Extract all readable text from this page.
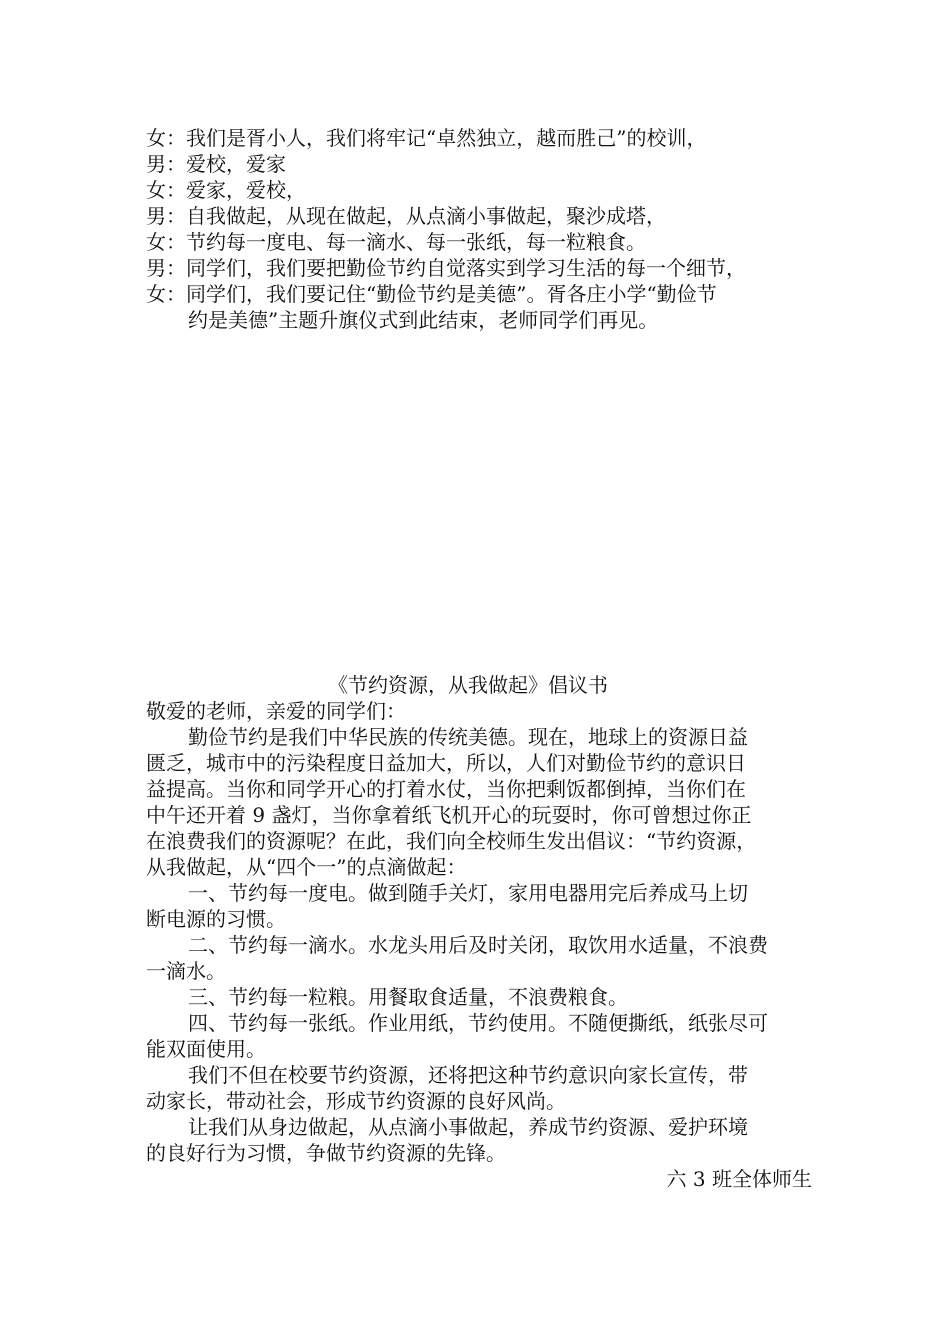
女：我们是胥小人，我们将牢记“卓然独立，越而胜己”的校训，
男：爱校，爱家
女：爱家，爱校，
男：自我做起，从现在做起，从点滴小事做起，聚沙成塔，
女：节约每一度电、每一滴水、每一张纸，每一粒粮食。
男：同学们，我们要把勤俭节约自觉落实到学习生活的每一个细节，
女：同学们，我们要记住“勤俭节约是美德”。胥各庄小学“勤俭节
约是美德”主题升旗仪式到此结束，老师同学们再见。
《节约资源，从我做起》倡议书
敬爱的老师，亲爱的同学们：
勤俭节约是我们中华民族的传统美德。现在，地球上的资源日益
匮乏，城市中的污染程度日益加大，所以，人们对勤俭节约的意识日
益提高。当你和同学开心的打着水仗，当你把剩饭都倒掉，当你们在
中午还开着 9 盏灯，当你拿着纸飞机开心的玩耍时，你可曾想过你正
在浪费我们的资源呢？在此，我们向全校师生发出倡议：“节约资源，
从我做起，从“四个一”的点滴做起：
一、节约每一度电。做到随手关灯，家用电器用完后养成马上切
断电源的习惯。
二、节约每一滴水。水龙头用后及时关闭，取饮用水适量，不浪费
一滴水。
三、节约每一粒粮。用餐取食适量，不浪费粮食。
四、节约每一张纸。作业用纸，节约使用。不随便撕纸，纸张尽可
能双面使用。
我们不但在校要节约资源，还将把这种节约意识向家长宣传，带
动家长，带动社会，形成节约资源的良好风尚。
让我们从身边做起，从点滴小事做起，养成节约资源、爱护环境
的良好行为习惯，争做节约资源的先锋。
六 3 班全体师生
